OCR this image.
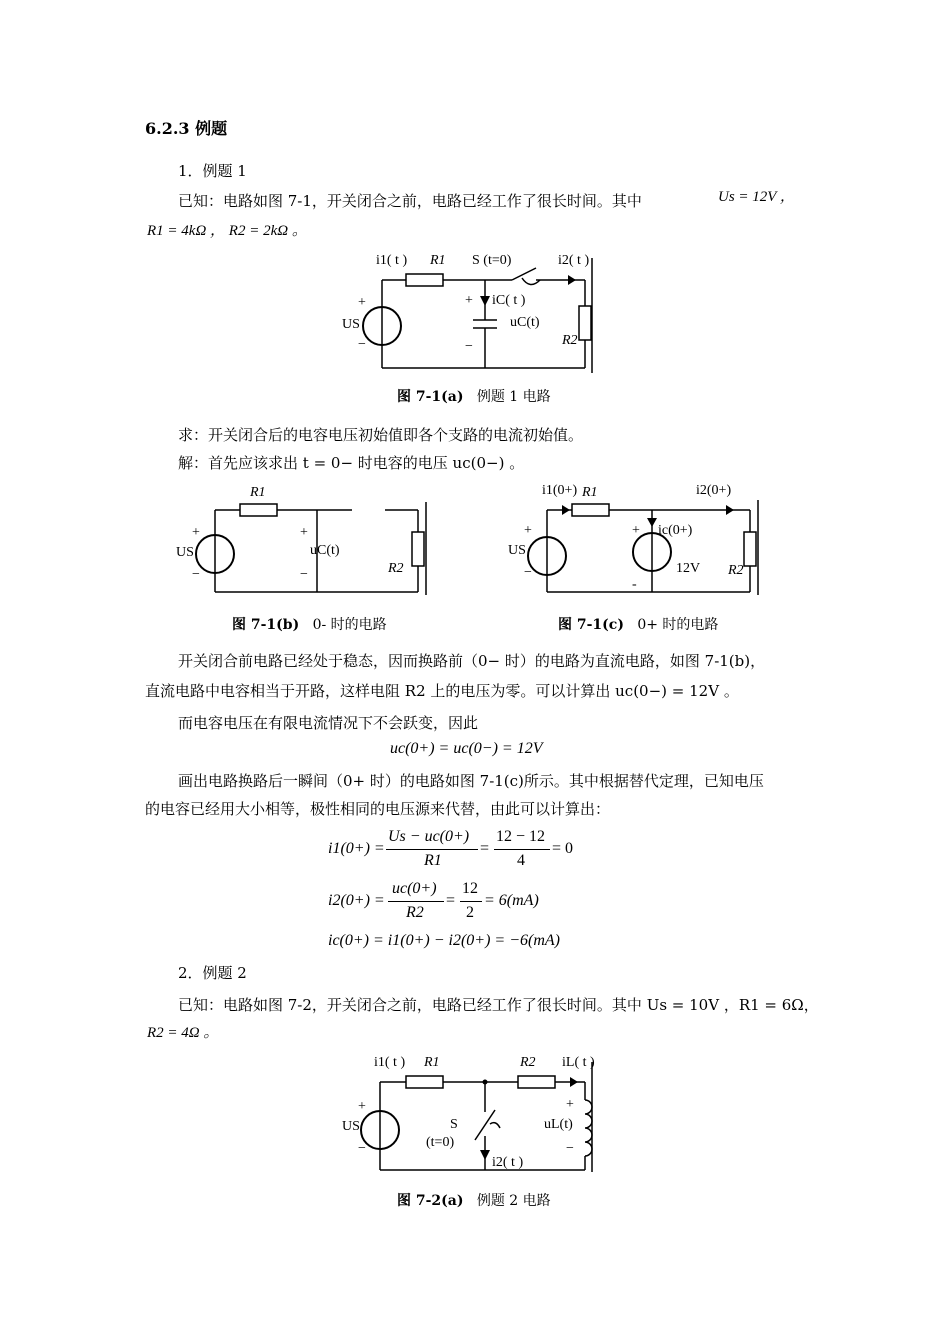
6.2.3 例题
1．例题 1
已知：电路如图 7-1，开关闭合之前，电路已经工作了很长时间。其中	Us = 12V ，
R1 = 4kΩ ， R2 = 2kΩ 。
i1( t ) R1 S (t=0)	i2( t )
iC( t )
uC(t)
+	+
US
−	−	R2
图 7-1(a) 例题 1 电路
求：开关闭合后的电容电压初始值即各个支路的电流初始值。
解：首先应该求出 t = 0− 时电容的电压 uc(0−) 。
R1
+	+
US	uC(t)
−	−	R2
i1(0+) R1	i2(0+)
ic(0+)
+
+
US
−	12V
-
R2
图 7-1(b) 0- 时的电路	图 7-1(c) 0+ 时的电路
开关闭合前电路已经处于稳态，因而换路前（0− 时）的电路为直流电路，如图 7-1(b)，
直流电路中电容相当于开路，这样电阻 R2 上的电压为零。可以计算出 uc(0−) = 12V 。
而电容电压在有限电流情况下不会跃变，因此
uc(0+) = uc(0−) = 12V
画出电路换路后一瞬间（0+ 时）的电路如图 7-1(c)所示。其中根据替代定理，已知电压
的电容已经用大小相等，极性相同的电压源来代替，由此可以计算出：
i1(0+) =
Us − uc(0+)
R1
=
12 − 12
4
= 0
i2(0+) =
uc(0+)
R2
=
12
2
= 6(mA)
ic(0+) = i1(0+) − i2(0+) = −6(mA)
2．例题 2
已知：电路如图 7-2，开关闭合之前，电路已经工作了很长时间。其中 Us = 10V ，R1 = 6Ω，
R2 = 4Ω 。
i1( t ) R1	R2 iL( t )
+
uL(t)
−
S
(t=0)
i2( t )
+
US
−
图 7-2(a) 例题 2 电路
